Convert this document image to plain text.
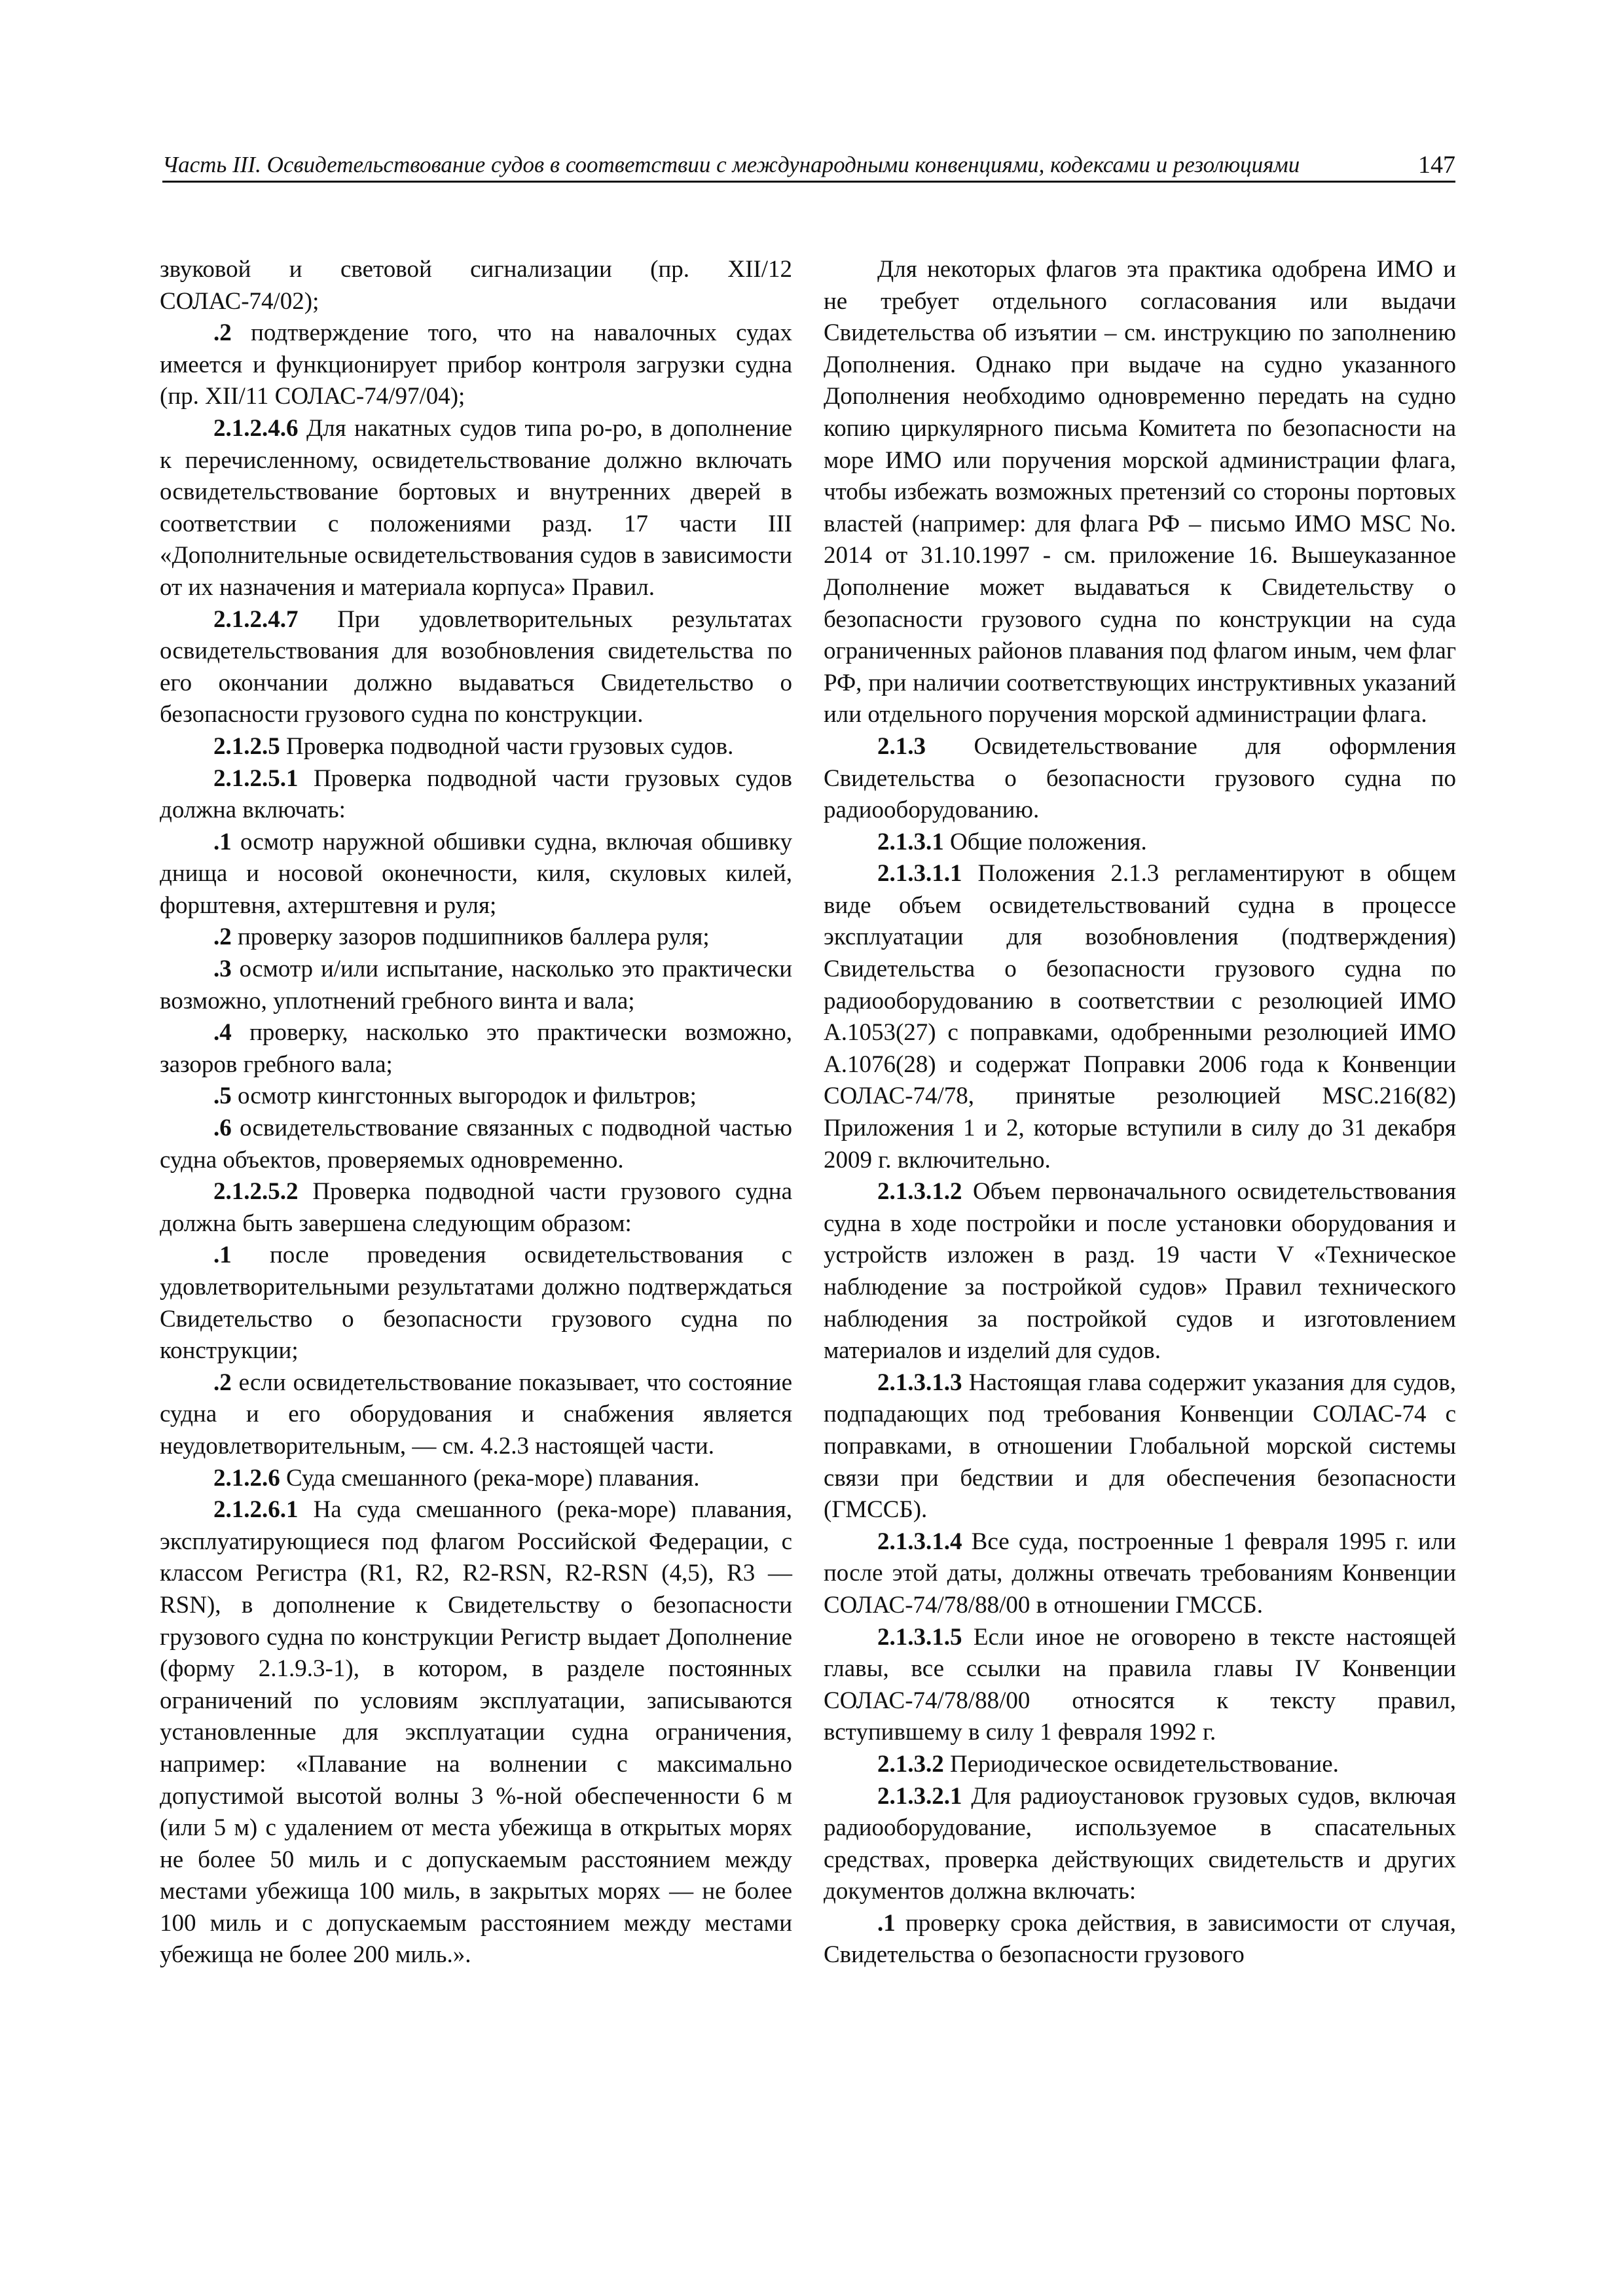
Часть III. Освидетельствование судов в соответствии с международными конвенциями, кодексами и резолюциями	147

звуковой и световой сигнализации (пр. XII/12 СОЛАС-74/02);

.2 подтверждение того, что на навалочных судах имеется и функционирует прибор контроля загрузки судна (пр. XII/11 СОЛАС-74/97/04);

2.1.2.4.6 Для накатных судов типа ро-ро, в дополнение к перечисленному, освидетельствование должно включать освидетельствование бортовых и внутренних дверей в соответствии с положениями разд. 17 части III «Дополнительные освидетельствования судов в зависимости от их назначения и материала корпуса» Правил.

2.1.2.4.7 При удовлетворительных результатах освидетельствования для возобновления свидетельства по его окончании должно выдаваться Свидетельство о безопасности грузового судна по конструкции.

2.1.2.5 Проверка подводной части грузовых судов.

2.1.2.5.1 Проверка подводной части грузовых судов должна включать:

.1 осмотр наружной обшивки судна, включая обшивку днища и носовой оконечности, киля, скуловых килей, форштевня, ахтерштевня и руля;

.2 проверку зазоров подшипников баллера руля;

.3 осмотр и/или испытание, насколько это практически возможно, уплотнений гребного винта и вала;

.4 проверку, насколько это практически возможно, зазоров гребного вала;

.5 осмотр кингстонных выгородок и фильтров;

.6 освидетельствование связанных с подводной частью судна объектов, проверяемых одновременно.

2.1.2.5.2 Проверка подводной части грузового судна должна быть завершена следующим образом:

.1 после проведения освидетельствования с удовлетворительными результатами должно подтверждаться Свидетельство о безопасности грузового судна по конструкции;

.2 если освидетельствование показывает, что состояние судна и его оборудования и снабжения является неудовлетворительным, — см. 4.2.3 настоящей части.

2.1.2.6 Суда смешанного (река-море) плавания.

2.1.2.6.1 На суда смешанного (река-море) плавания, эксплуатирующиеся под флагом Российской Федерации, с классом Регистра (R1, R2, R2-RSN, R2-RSN (4,5), R3 — RSN), в дополнение к Свидетельству о безопасности грузового судна по конструкции Регистр выдает Дополнение (форму 2.1.9.3-1), в котором, в разделе постоянных ограничений по условиям эксплуатации, записываются установленные для эксплуатации судна ограничения, например: «Плавание на волнении с максимально допустимой высотой волны 3 %-ной обеспеченности 6 м (или 5 м) с удалением от места убежища в открытых морях не более 50 миль и с допускаемым расстоянием между местами убежища 100 миль, в закрытых морях — не более 100 миль и с допускаемым расстоянием между местами убежища не более 200 миль.».

Для некоторых флагов эта практика одобрена ИМО и не требует отдельного согласования или выдачи Свидетельства об изъятии – см. инструкцию по заполнению Дополнения. Однако при выдаче на судно указанного Дополнения необходимо одновременно передать на судно копию циркулярного письма Комитета по безопасности на море ИМО или поручения морской администрации флага, чтобы избежать возможных претензий со стороны портовых властей (например: для флага РФ – письмо ИМО MSC No. 2014 от 31.10.1997 - см. приложение 16. Вышеуказанное Дополнение может выдаваться к Свидетельству о безопасности грузового судна по конструкции на суда ограниченных районов плавания под флагом иным, чем флаг РФ, при наличии соответствующих инструктивных указаний или отдельного поручения морской администрации флага.

2.1.3 Освидетельствование для оформления Свидетельства о безопасности грузового судна по радиооборудованию.

2.1.3.1 Общие положения.

2.1.3.1.1 Положения 2.1.3 регламентируют в общем виде объем освидетельствований судна в процессе эксплуатации для возобновления (подтверждения) Свидетельства о безопасности грузового судна по радиооборудованию в соответствии с резолюцией ИМО A.1053(27) с поправками, одобренными резолюцией ИМО A.1076(28) и содержат Поправки 2006 года к Конвенции СОЛАС-74/78, принятые резолюцией MSC.216(82) Приложения 1 и 2, которые вступили в силу до 31 декабря 2009 г. включительно.

2.1.3.1.2 Объем первоначального освидетельствования судна в ходе постройки и после установки оборудования и устройств изложен в разд. 19 части V «Техническое наблюдение за постройкой судов» Правил технического наблюдения за постройкой судов и изготовлением материалов и изделий для судов.

2.1.3.1.3 Настоящая глава содержит указания для судов, подпадающих под требования Конвенции СОЛАС-74 с поправками, в отношении Глобальной морской системы связи при бедствии и для обеспечения безопасности (ГМССБ).

2.1.3.1.4 Все суда, построенные 1 февраля 1995 г. или после этой даты, должны отвечать требованиям Конвенции СОЛАС-74/78/88/00 в отношении ГМССБ.

2.1.3.1.5 Если иное не оговорено в тексте настоящей главы, все ссылки на правила главы IV Конвенции СОЛАС-74/78/88/00 относятся к тексту правил, вступившему в силу 1 февраля 1992 г.

2.1.3.2 Периодическое освидетельствование.

2.1.3.2.1 Для радиоустановок грузовых судов, включая радиооборудование, используемое в спасательных средствах, проверка действующих свидетельств и других документов должна включать:

.1 проверку срока действия, в зависимости от случая, Свидетельства о безопасности грузового
